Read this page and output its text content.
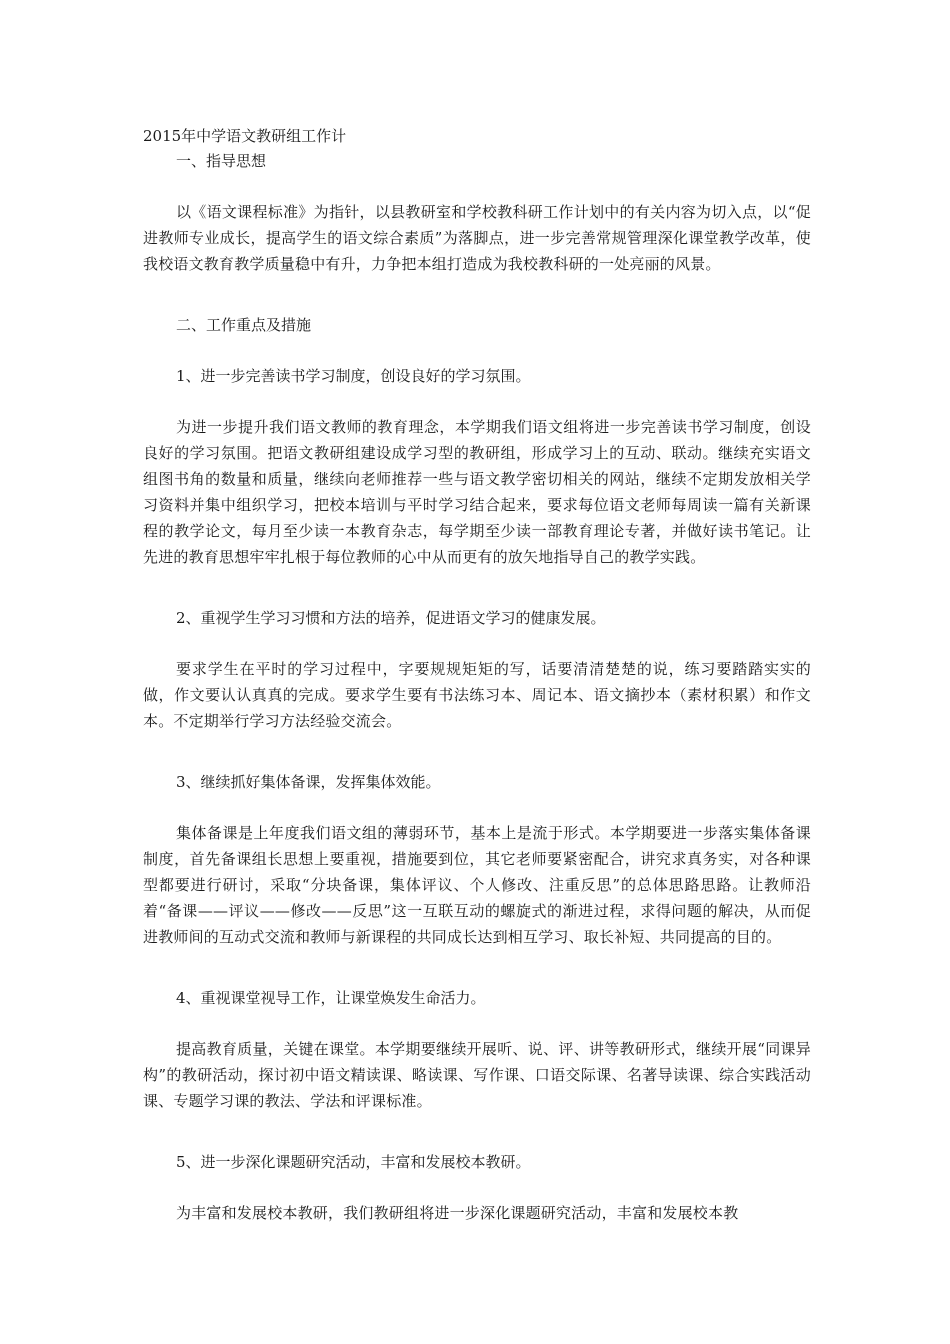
2015年中学语文教研组工作计

一、指导思想

以《语文课程标准》为指针，以县教研室和学校教科研工作计划中的有关内容为切入点，以“促进教师专业成长，提高学生的语文综合素质”为落脚点，进一步完善常规管理深化课堂教学改革，使我校语文教育教学质量稳中有升，力争把本组打造成为我校教科研的一处亮丽的风景。

二、工作重点及措施

1、进一步完善读书学习制度，创设良好的学习氛围。

为进一步提升我们语文教师的教育理念，本学期我们语文组将进一步完善读书学习制度，创设良好的学习氛围。把语文教研组建设成学习型的教研组，形成学习上的互动、联动。继续充实语文组图书角的数量和质量，继续向老师推荐一些与语文教学密切相关的网站，继续不定期发放相关学习资料并集中组织学习，把校本培训与平时学习结合起来，要求每位语文老师每周读一篇有关新课程的教学论文，每月至少读一本教育杂志，每学期至少读一部教育理论专著，并做好读书笔记。让先进的教育思想牢牢扎根于每位教师的心中从而更有的放矢地指导自己的教学实践。

2、重视学生学习习惯和方法的培养，促进语文学习的健康发展。

要求学生在平时的学习过程中，字要规规矩矩的写，话要清清楚楚的说，练习要踏踏实实的做，作文要认认真真的完成。要求学生要有书法练习本、周记本、语文摘抄本（素材积累）和作文本。不定期举行学习方法经验交流会。

3、继续抓好集体备课，发挥集体效能。

集体备课是上年度我们语文组的薄弱环节，基本上是流于形式。本学期要进一步落实集体备课制度，首先备课组长思想上要重视，措施要到位，其它老师要紧密配合，讲究求真务实，对各种课型都要进行研讨，采取“分块备课，集体评议、个人修改、注重反思”的总体思路思路。让教师沿着“备课——评议——修改——反思”这一互联互动的螺旋式的渐进过程，求得问题的解决，从而促进教师间的互动式交流和教师与新课程的共同成长达到相互学习、取长补短、共同提高的目的。

4、重视课堂视导工作，让课堂焕发生命活力。

提高教育质量，关键在课堂。本学期要继续开展听、说、评、讲等教研形式，继续开展“同课异构”的教研活动，探讨初中语文精读课、略读课、写作课、口语交际课、名著导读课、综合实践活动课、专题学习课的教法、学法和评课标准。

5、进一步深化课题研究活动，丰富和发展校本教研。

为丰富和发展校本教研，我们教研组将进一步深化课题研究活动，丰富和发展校本教
